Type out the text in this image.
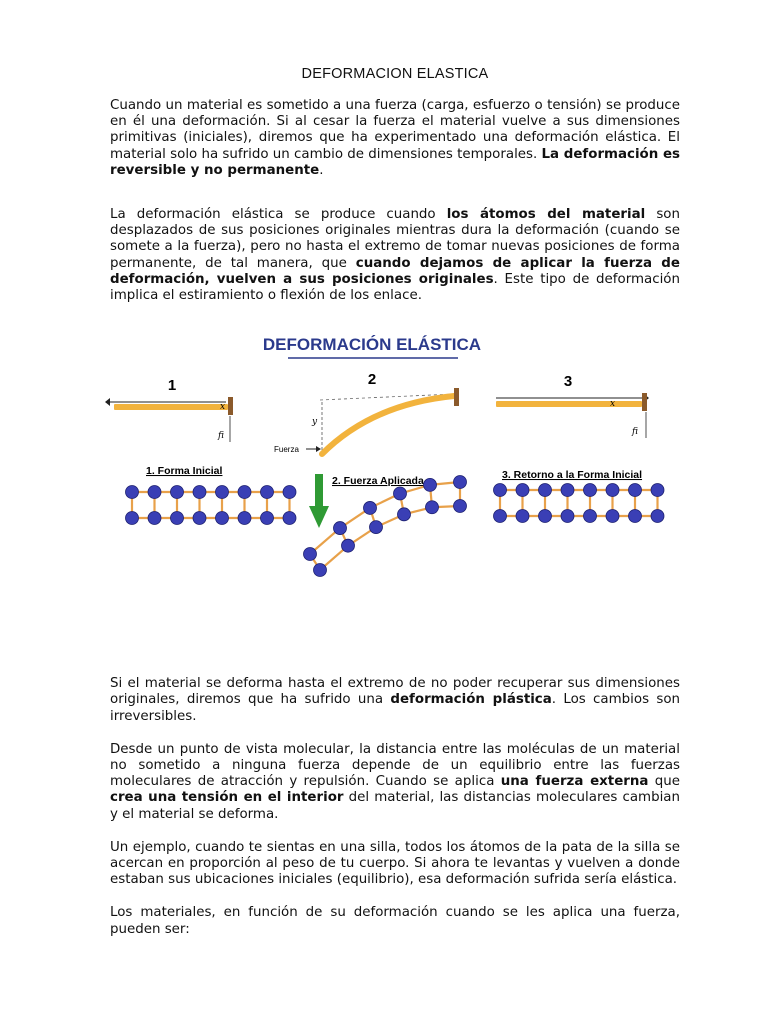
DEFORMACION ELASTICA

Cuando un material es sometido a una fuerza (carga, esfuerzo o tensión) se produce en él una deformación. Si al cesar la fuerza el material vuelve a sus dimensiones primitivas (iniciales), diremos que ha experimentado una deformación elástica. El material solo ha sufrido un cambio de dimensiones temporales. La deformación es reversible y no permanente.

La deformación elástica se produce cuando los átomos del material son desplazados de sus posiciones originales mientras dura la deformación (cuando se somete a la fuerza), pero no hasta el extremo de tomar nuevas posiciones de forma permanente, de tal manera, que cuando dejamos de aplicar la fuerza de deformación, vuelven a sus posiciones originales. Este tipo de deformación implica el estiramiento o flexión de los enlace.

DEFORMACIÓN ELÁSTICA
1
x
fi
2
y
Fuerza
3
x
fi
1. Forma Inicial
2. Fuerza Aplicada	3. Retorno a la Forma Inicial

Si el material se deforma hasta el extremo de no poder recuperar sus dimensiones originales, diremos que ha sufrido una deformación plástica. Los cambios son irreversibles.

Desde un punto de vista molecular, la distancia entre las moléculas de un material no sometido a ninguna fuerza depende de un equilibrio entre las fuerzas moleculares de atracción y repulsión. Cuando se aplica una fuerza externa que crea una tensión en el interior del material, las distancias moleculares cambian y el material se deforma.

Un ejemplo, cuando te sientas en una silla, todos los átomos de la pata de la silla se acercan en proporción al peso de tu cuerpo. Si ahora te levantas y vuelven a donde estaban sus ubicaciones iniciales (equilibrio), esa deformación sufrida sería elástica.

Los materiales, en función de su deformación cuando se les aplica una fuerza, pueden ser:
